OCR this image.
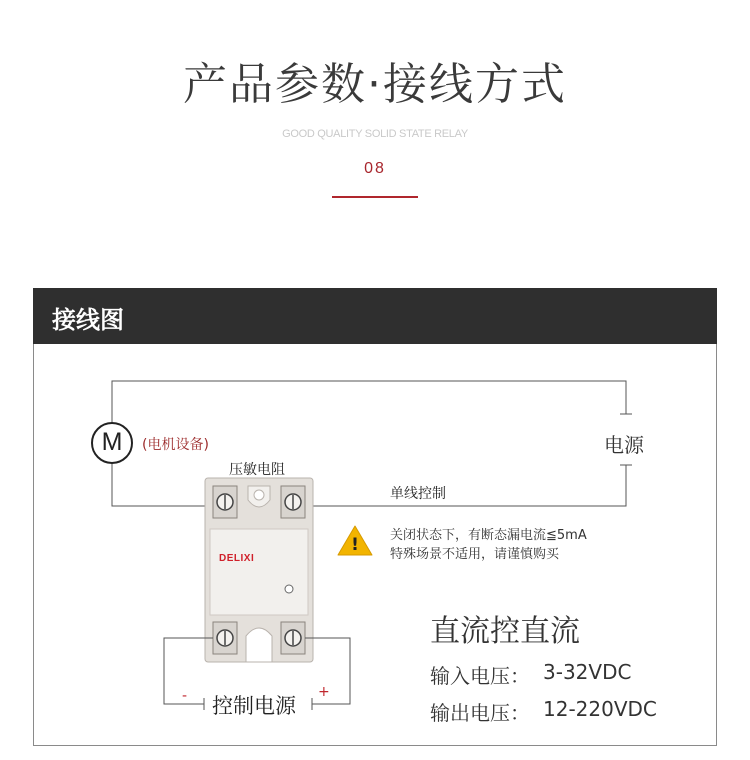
产品参数·接线方式
GOOD QUALITY SOLID STATE RELAY
08
接线图
M (电机设备)
压敏电阻
电源
单线控制
! 关闭状态下，有断态漏电流≦5mA
特殊场景不适用，请谨慎购买
DELIXI
-	+
控制电源
直流控直流
输入电压： 3-32VDC
输出电压： 12-220VDC
